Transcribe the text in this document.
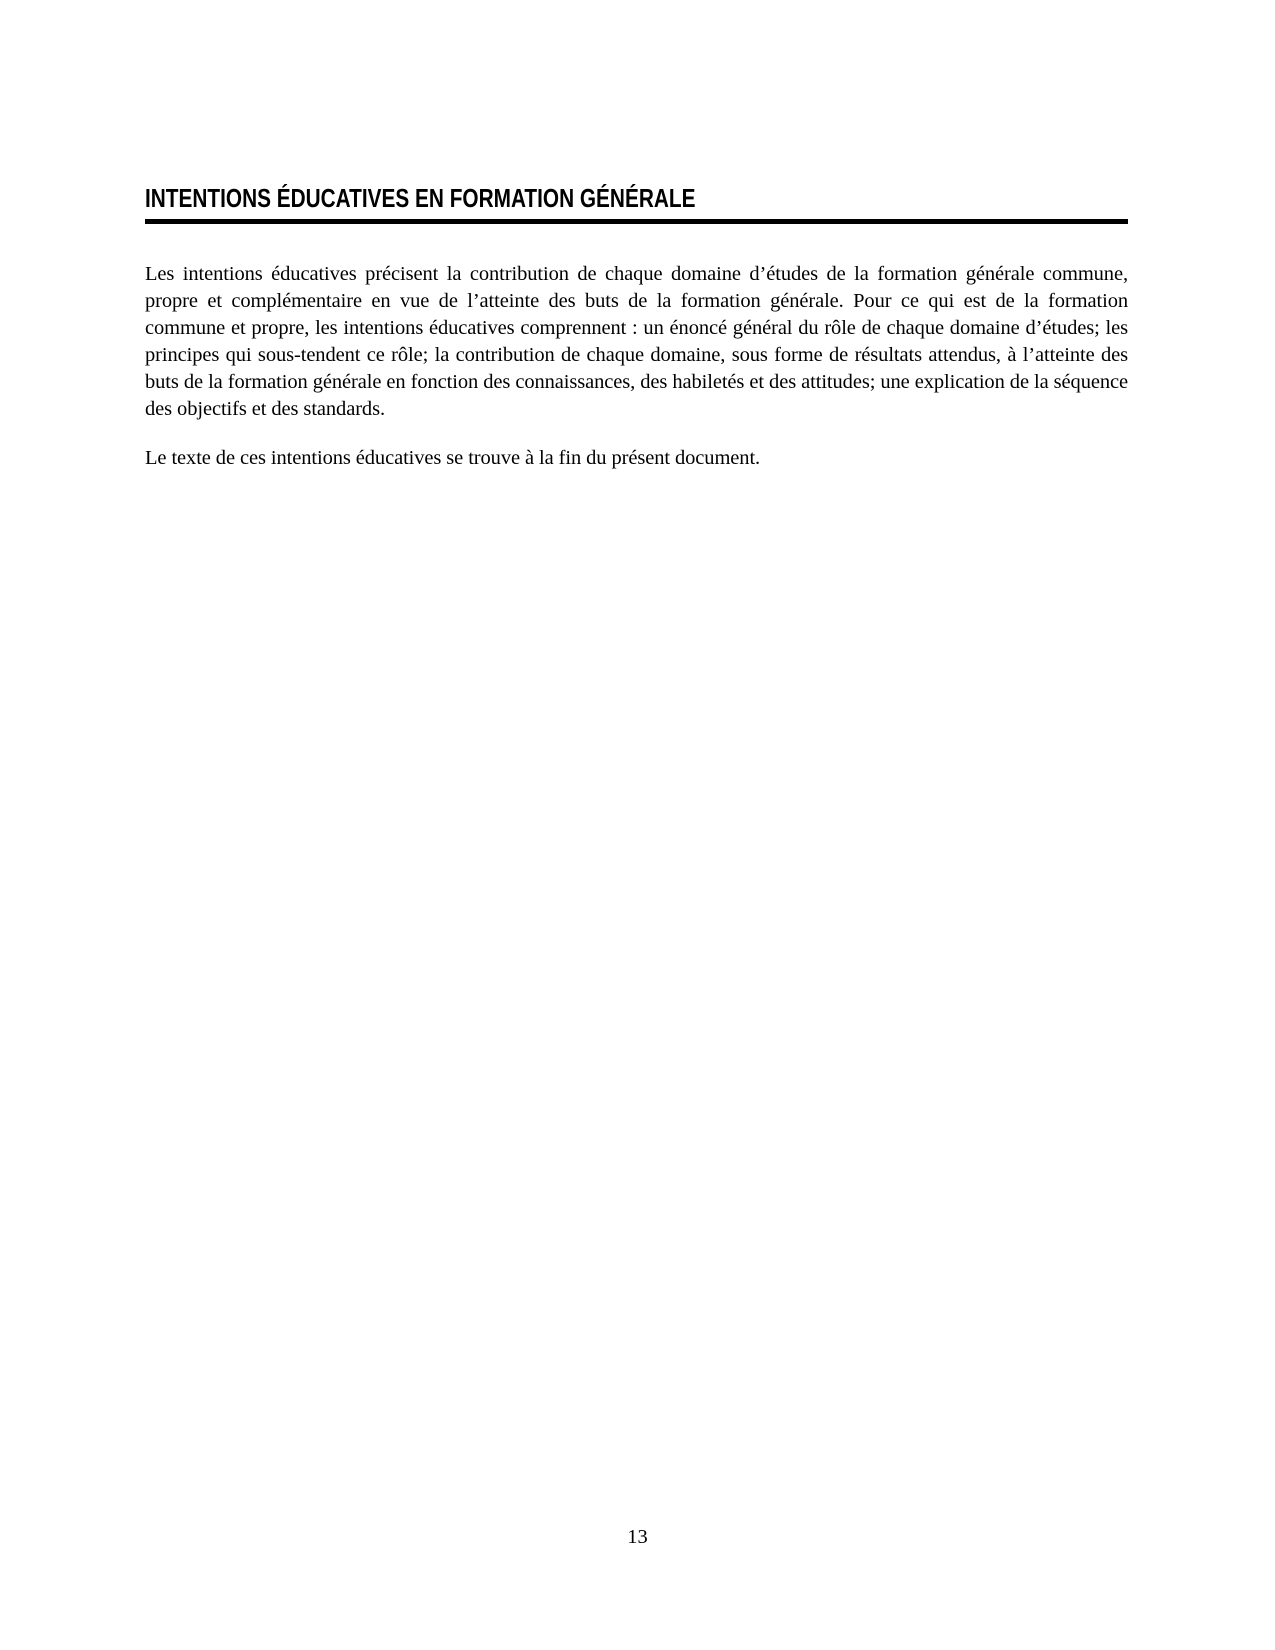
INTENTIONS ÉDUCATIVES EN FORMATION GÉNÉRALE

Les intentions éducatives précisent la contribution de chaque domaine d’études de la formation générale commune, propre et complémentaire en vue de l’atteinte des buts de la formation générale. Pour ce qui est de la formation commune et propre, les intentions éducatives comprennent : un énoncé général du rôle de chaque domaine d’études; les principes qui sous-tendent ce rôle; la contribution de chaque domaine, sous forme de résultats attendus, à l’atteinte des buts de la formation générale en fonction des connaissances, des habiletés et des attitudes; une explication de la séquence des objectifs et des standards.

Le texte de ces intentions éducatives se trouve à la fin du présent document.

13
